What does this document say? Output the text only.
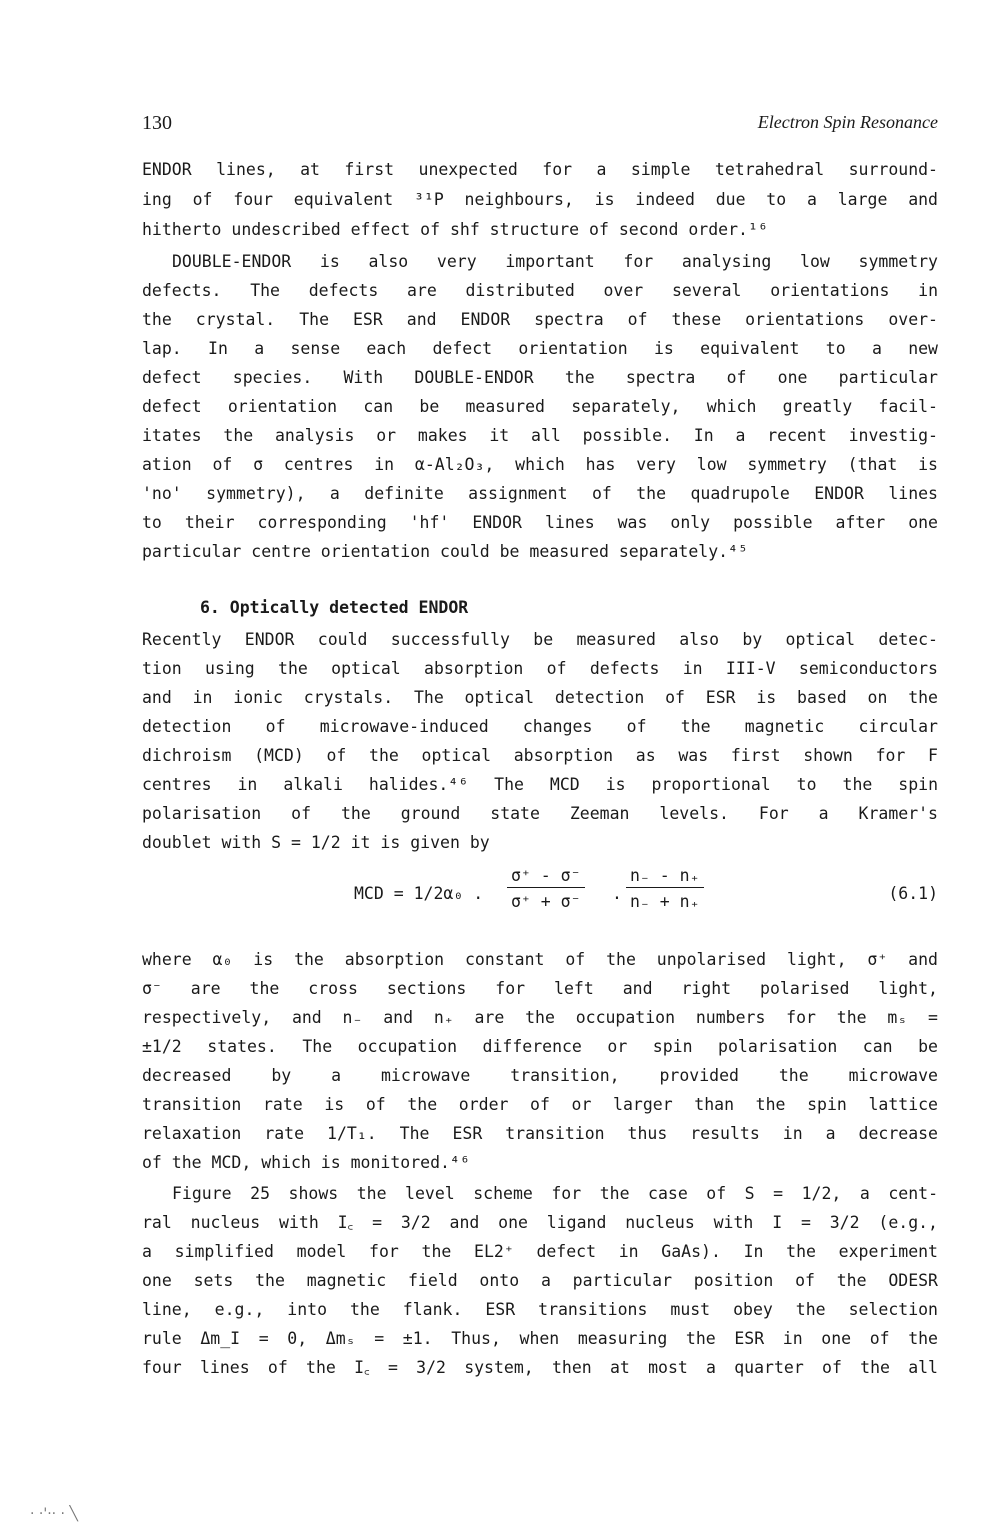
130	Electron Spin Resonance
ENDOR lines, at first unexpected for a simple tetrahedral surround-
ing of four equivalent ³¹P neighbours, is indeed due to a large and
hitherto undescribed effect of shf structure of second order.¹⁶
DOUBLE-ENDOR is also very important for analysing low symmetry
defects. The defects are distributed over several orientations in
the crystal. The ESR and ENDOR spectra of these orientations over-
lap. In a sense each defect orientation is equivalent to a new
defect species. With DOUBLE-ENDOR the spectra of one particular
defect orientation can be measured separately, which greatly facil-
itates the analysis or makes it all possible. In a recent investig-
ation of σ centres in α-Al₂O₃, which has very low symmetry (that is
'no' symmetry), a definite assignment of the quadrupole ENDOR lines
to their corresponding 'hf' ENDOR lines was only possible after one
particular centre orientation could be measured separately.⁴⁵
6. Optically detected ENDOR
Recently ENDOR could successfully be measured also by optical detec-
tion using the optical absorption of defects in III-V semiconductors
and in ionic crystals. The optical detection of ESR is based on the
detection of microwave-induced changes of the magnetic circular
dichroism (MCD) of the optical absorption as was first shown for F
centres in alkali halides.⁴⁶ The MCD is proportional to the spin
polarisation of the ground state Zeeman levels. For a Kramer's
doublet with S = 1/2 it is given by
where α₀ is the absorption constant of the unpolarised light, σ⁺ and
σ⁻ are the cross sections for left and right polarised light,
respectively, and n₋ and n₊ are the occupation numbers for the mₛ =
±1/2 states. The occupation difference or spin polarisation can be
decreased by a microwave transition, provided the microwave
transition rate is of the order of or larger than the spin lattice
relaxation rate 1/T₁. The ESR transition thus results in a decrease
of the MCD, which is monitored.⁴⁶
Figure 25 shows the level scheme for the case of S = 1/2, a cent-
ral nucleus with I꜀ = 3/2 and one ligand nucleus with I = 3/2 (e.g.,
a simplified model for the EL2⁺ defect in GaAs). In the experiment
one sets the magnetic field onto a particular position of the ODESR
line, e.g., into the flank. ESR transitions must obey the selection
rule Δm_I = 0, Δmₛ = ±1. Thus, when measuring the ESR in one of the
four lines of the I꜀ = 3/2 system, then at most a quarter of the all
MCD = 1/2α₀ . $\frac{\sigma^+ - \sigma^-}{\sigma^+ + \sigma^-}$ . $\frac{n_- - n_+}{n_- + n_+}$	(6.1)
· ·'·· · ╲
